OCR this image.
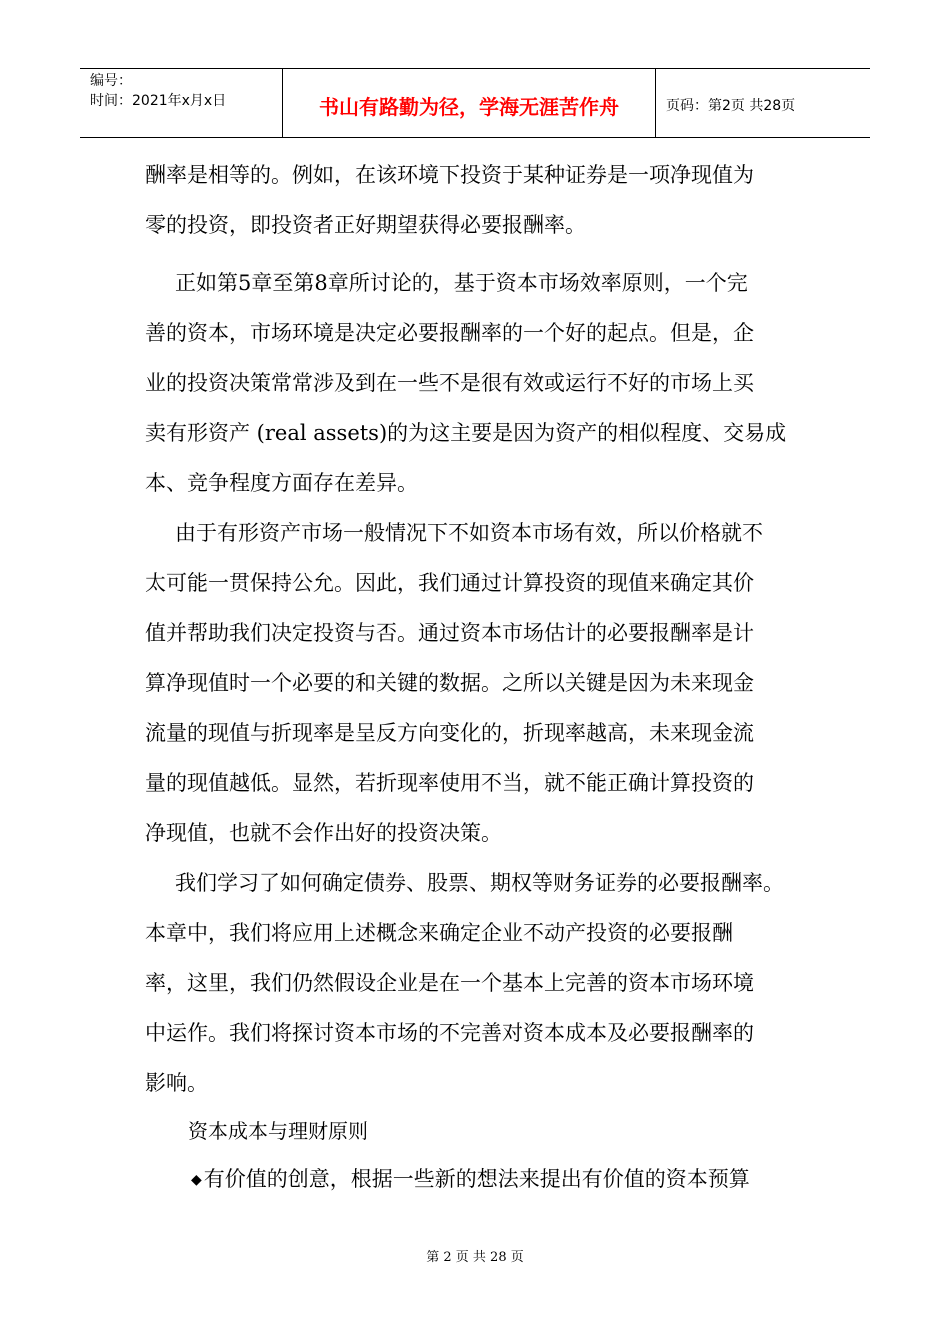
编号：
时间：2021年x月x日	书山有路勤为径，学海无涯苦作舟	页码：第2页 共28页
酬率是相等的。例如，在该环境下投资于某种证券是一项净现值为
零的投资，即投资者正好期望获得必要报酬率。
正如第5章至第8章所讨论的，基于资本市场效率原则，一个完
善的资本，市场环境是决定必要报酬率的一个好的起点。但是，企
业的投资决策常常涉及到在一些不是很有效或运行不好的市场上买
卖有形资产 (real assets)的为这主要是因为资产的相似程度、交易成
本、竞争程度方面存在差异。
由于有形资产市场一般情况下不如资本市场有效，所以价格就不
太可能一贯保持公允。因此，我们通过计算投资的现值来确定其价
值并帮助我们决定投资与否。通过资本市场估计的必要报酬率是计
算净现值时一个必要的和关键的数据。之所以关键是因为未来现金
流量的现值与折现率是呈反方向变化的，折现率越高，未来现金流
量的现值越低。显然，若折现率使用不当，就不能正确计算投资的
净现值，也就不会作出好的投资决策。
我们学习了如何确定债券、股票、期权等财务证券的必要报酬率。
本章中，我们将应用上述概念来确定企业不动产投资的必要报酬
率，这里，我们仍然假设企业是在一个基本上完善的资本市场环境
中运作。我们将探讨资本市场的不完善对资本成本及必要报酬率的
影响。
资本成本与理财原则
◆有价值的创意，根据一些新的想法来提出有价值的资本预算
第 2 页 共 28 页
